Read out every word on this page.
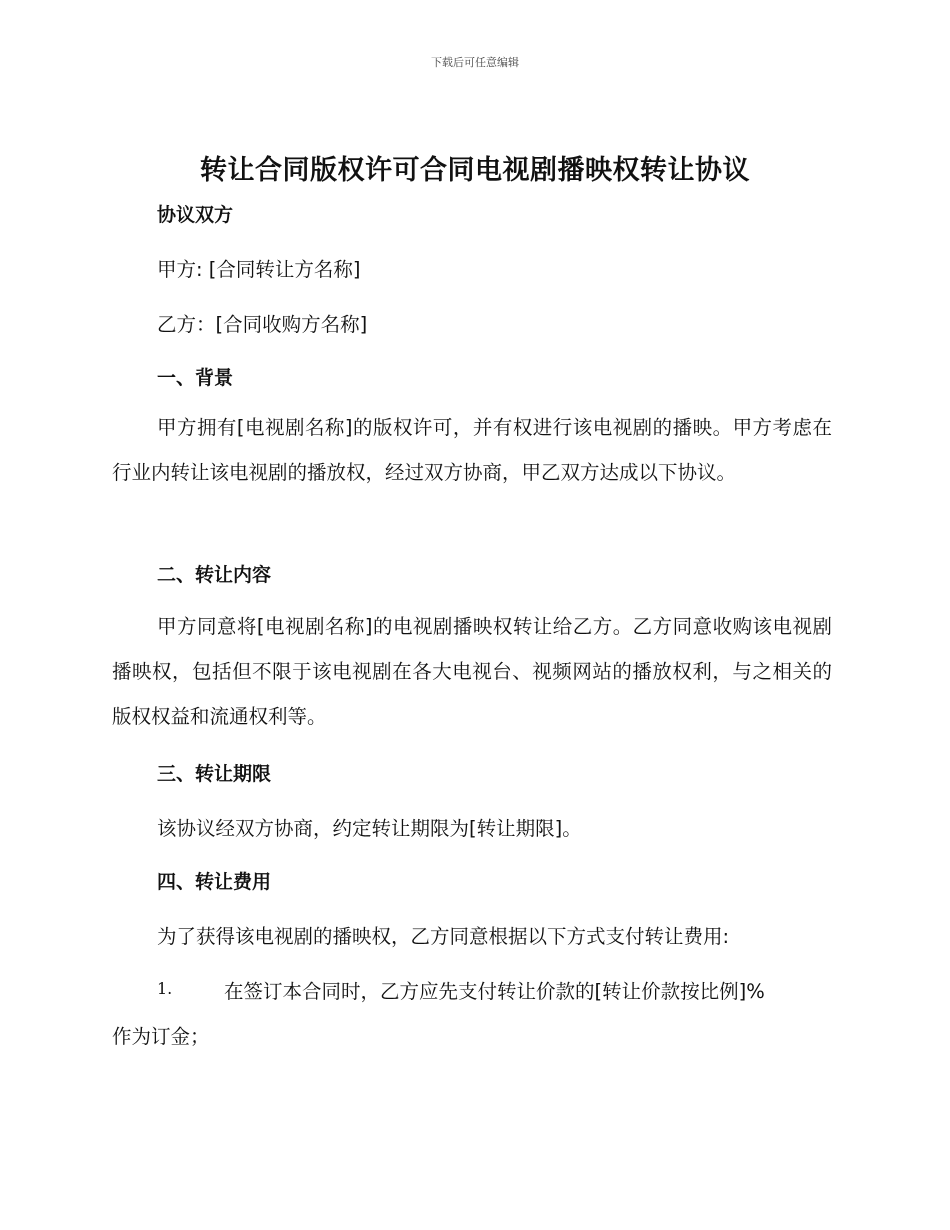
下载后可任意编辑
转让合同版权许可合同电视剧播映权转让协议
协议双方
甲方: [合同转让方名称]
乙方：[合同收购方名称]
一、背景
甲方拥有[电视剧名称]的版权许可，并有权进行该电视剧的播映。甲方考虑在行业内转让该电视剧的播放权，经过双方协商，甲乙双方达成以下协议。
二、转让内容
甲方同意将[电视剧名称]的电视剧播映权转让给乙方。乙方同意收购该电视剧播映权，包括但不限于该电视剧在各大电视台、视频网站的播放权利，与之相关的版权权益和流通权利等。
三、转让期限
该协议经双方协商，约定转让期限为[转让期限]。
四、转让费用
为了获得该电视剧的播映权，乙方同意根据以下方式支付转让费用:
1.	在签订本合同时，乙方应先支付转让价款的[转让价款按比例]%
作为订金；
